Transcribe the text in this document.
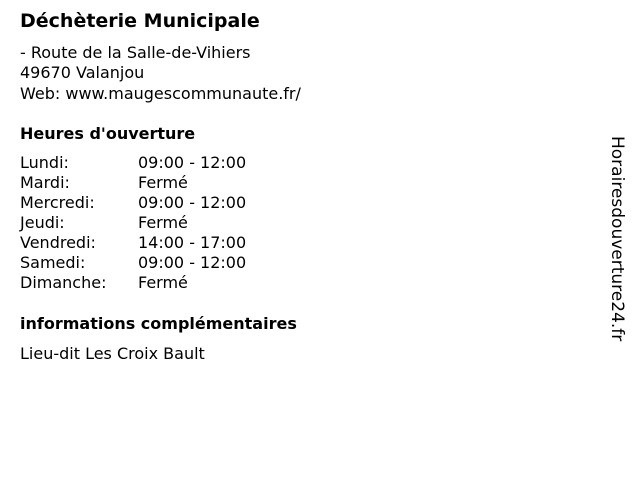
Déchèterie Municipale
- Route de la Salle-de-Vihiers
49670 Valanjou
Web: www.maugescommunaute.fr/
Heures d'ouverture
Lundi:	09:00 - 12:00
Mardi:	Fermé
Mercredi:	09:00 - 12:00
Jeudi:	Fermé
Vendredi:	14:00 - 17:00
Samedi:	09:00 - 12:00
Dimanche: Fermé
informations complémentaires
Lieu-dit Les Croix Bault
Horairesdouverture24.fr
